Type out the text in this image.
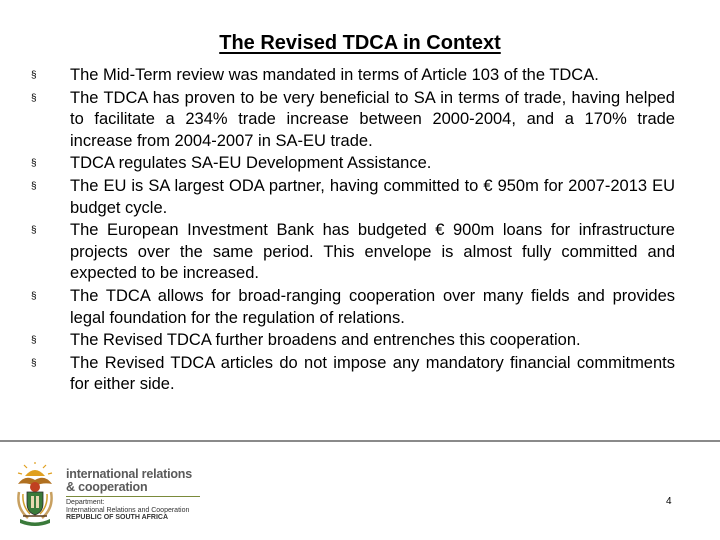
The Revised TDCA in Context
§	The Mid-Term review was mandated in terms of Article 103 of the TDCA.
§	The TDCA has proven to be very beneficial to SA in terms of trade, having helped to facilitate a 234% trade increase between 2000-2004, and a 170% trade increase from 2004-2007 in SA-EU trade.
§	TDCA regulates SA-EU Development Assistance.
§	The EU is SA largest ODA partner, having committed to € 950m for 2007-2013 EU budget cycle.
§	The European Investment Bank has budgeted € 900m loans for infrastructure projects over the same period. This envelope is almost fully committed and expected to be increased.
§	The TDCA allows for broad-ranging cooperation over many fields and provides legal foundation for the regulation of relations.
§	The Revised TDCA further broadens and entrenches this cooperation.
§	The Revised TDCA articles do not impose any mandatory financial commitments for either side.
international relations
& cooperation
Department:
International Relations and Cooperation
REPUBLIC OF SOUTH AFRICA
4
